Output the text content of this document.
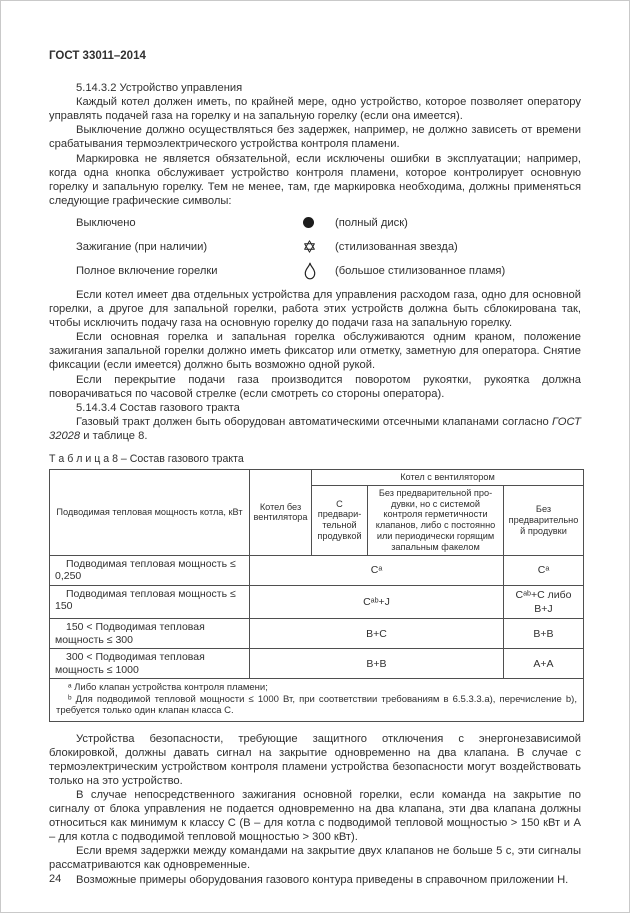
ГОСТ 33011–2014

5.14.3.2 Устройство управления

Каждый котел должен иметь, по крайней мере, одно устройство, которое позволяет оператору управлять подачей газа на горелку и на запальную горелку (если она имеется).

Выключение должно осуществляться без задержек, например, не должно зависеть от времени срабатывания термоэлектрического устройства контроля пламени.

Маркировка не является обязательной, если исключены ошибки в эксплуатации; например, когда одна кнопка обслуживает устройство контроля пламени, которое контролирует основную горелку и запальную горелку. Тем не менее, там, где маркировка необходима, должны применяться следующие графические символы:

Выключено	(полный диск)
Зажигание (при наличии)	(стилизованная звезда)
Полное включение горелки	(большое стилизованное пламя)

Если котел имеет два отдельных устройства для управления расходом газа, одно для основной горелки, а другое для запальной горелки, работа этих устройств должна быть сблокирована так, чтобы исключить подачу газа на основную горелку до подачи газа на запальную горелку.

Если основная горелка и запальная горелка обслуживаются одним краном, положение зажигания запальной горелки должно иметь фиксатор или отметку, заметную для оператора. Снятие фиксации (если имеется) должно быть возможно одной рукой.

Если перекрытие подачи газа производится поворотом рукоятки, рукоятка должна поворачиваться по часовой стрелке (если смотреть со стороны оператора).

5.14.3.4 Состав газового тракта

Газовый тракт должен быть оборудован автоматическими отсечными клапанами согласно ГОСТ 32028 и таблице 8.

Т а б л и ц а 8 – Состав газового тракта
Подводимая тепловая мощность котла, кВт	Котел без вентилятора	Котел с вентилятором		
		С предварительной продувкой	Без предварительной продувки, но с системой контроля герметичности клапанов, либо с постоянно или периодически горящим запальным факелом	Без предварительной продувки
Подводимая тепловая мощность ≤ 0,250	Cᵃ			Cᵃ
Подводимая тепловая мощность ≤ 150	Cᵃᵇ+J			Cᵃᵇ+C либо B+J
150 < Подводимая тепловая мощность ≤ 300	B+C			B+B
300 < Подводимая тепловая мощность ≤ 1000	B+B			A+A

ᵃ Либо клапан устройства контроля пламени;

ᵇ Для подводимой тепловой мощности ≤ 1000 Вт, при соответствии требованиям в 6.5.3.3.а), перечисление b), требуется только один клапан класса С.				

Устройства безопасности, требующие защитного отключения с энергонезависимой блокировкой, должны давать сигнал на закрытие одновременно на два клапана. В случае с термоэлектрическим устройством контроля пламени устройства безопасности могут воздействовать только на это устройство.

В случае непосредственного зажигания основной горелки, если команда на закрытие по сигналу от блока управления не подается одновременно на два клапана, эти два клапана должны относиться как минимум к классу С (В – для котла с подводимой тепловой мощностью > 150 кВт и А – для котла с подводимой тепловой мощностью > 300 кВт).

Если время задержки между командами на закрытие двух клапанов не больше 5 с, эти сигналы рассматриваются как одновременные.

Возможные примеры оборудования газового контура приведены в справочном приложении Н.

24
